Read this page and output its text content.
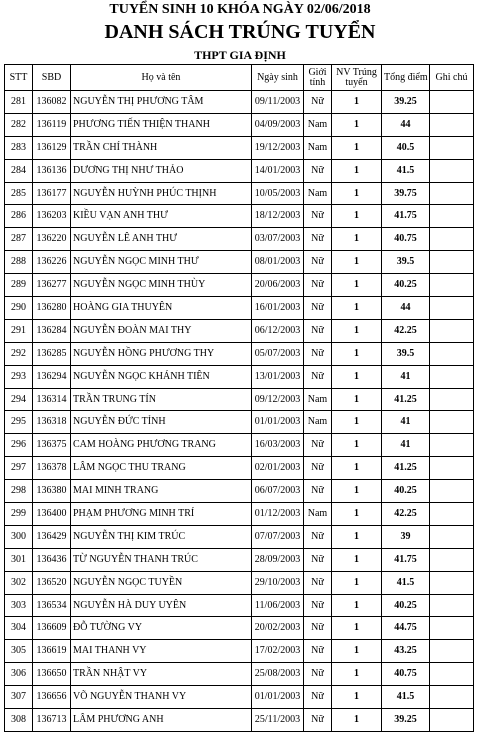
TUYỂN SINH 10 KHÓA NGÀY 02/06/2018
DANH SÁCH TRÚNG TUYỂN
THPT GIA ĐỊNH
STT	SBD	Họ và tên	Ngày sinh	Giới tính	NV Trúng tuyển	Tổng điểm	Ghi chú
281	136082	NGUYỄN THỊ PHƯƠNG TÂM	09/11/2003	Nữ	1	39.25	
282	136119	PHƯƠNG TIẾN THIỆN THANH	04/09/2003	Nam	1	44	
283	136129	TRẦN CHÍ THÀNH	19/12/2003	Nam	1	40.5	
284	136136	DƯƠNG THỊ NHƯ THẢO	14/01/2003	Nữ	1	41.5	
285	136177	NGUYỄN HUỲNH PHÚC THỊNH	10/05/2003	Nam	1	39.75	
286	136203	KIỀU VẠN ANH THƯ	18/12/2003	Nữ	1	41.75	
287	136220	NGUYỄN LÊ ANH THƯ	03/07/2003	Nữ	1	40.75	
288	136226	NGUYỄN NGỌC MINH THƯ	08/01/2003	Nữ	1	39.5	
289	136277	NGUYỄN NGỌC MINH THÙY	20/06/2003	Nữ	1	40.25	
290	136280	HOÀNG GIA THUYÊN	16/01/2003	Nữ	1	44	
291	136284	NGUYỄN ĐOÀN MAI THY	06/12/2003	Nữ	1	42.25	
292	136285	NGUYỄN HỒNG PHƯƠNG THY	05/07/2003	Nữ	1	39.5	
293	136294	NGUYỄN NGỌC KHÁNH TIÊN	13/01/2003	Nữ	1	41	
294	136314	TRẦN TRUNG TÍN	09/12/2003	Nam	1	41.25	
295	136318	NGUYỄN ĐỨC TỈNH	01/01/2003	Nam	1	41	
296	136375	CAM HOÀNG PHƯƠNG TRANG	16/03/2003	Nữ	1	41	
297	136378	LÂM NGỌC THU TRANG	02/01/2003	Nữ	1	41.25	
298	136380	MAI MINH TRANG	06/07/2003	Nữ	1	40.25	
299	136400	PHẠM PHƯƠNG MINH TRÍ	01/12/2003	Nam	1	42.25	
300	136429	NGUYỄN THỊ KIM TRÚC	07/07/2003	Nữ	1	39	
301	136436	TỪ NGUYỄN THANH TRÚC	28/09/2003	Nữ	1	41.75	
302	136520	NGUYỄN NGỌC TUYỀN	29/10/2003	Nữ	1	41.5	
303	136534	NGUYỄN HÀ DUY UYÊN	11/06/2003	Nữ	1	40.25	
304	136609	ĐỖ TƯỜNG VY	20/02/2003	Nữ	1	44.75	
305	136619	MAI THANH VY	17/02/2003	Nữ	1	43.25	
306	136650	TRẦN NHẬT VY	25/08/2003	Nữ	1	40.75	
307	136656	VÕ NGUYỄN THANH VY	01/01/2003	Nữ	1	41.5	
308	136713	LÂM PHƯƠNG ANH	25/11/2003	Nữ	1	39.25	
